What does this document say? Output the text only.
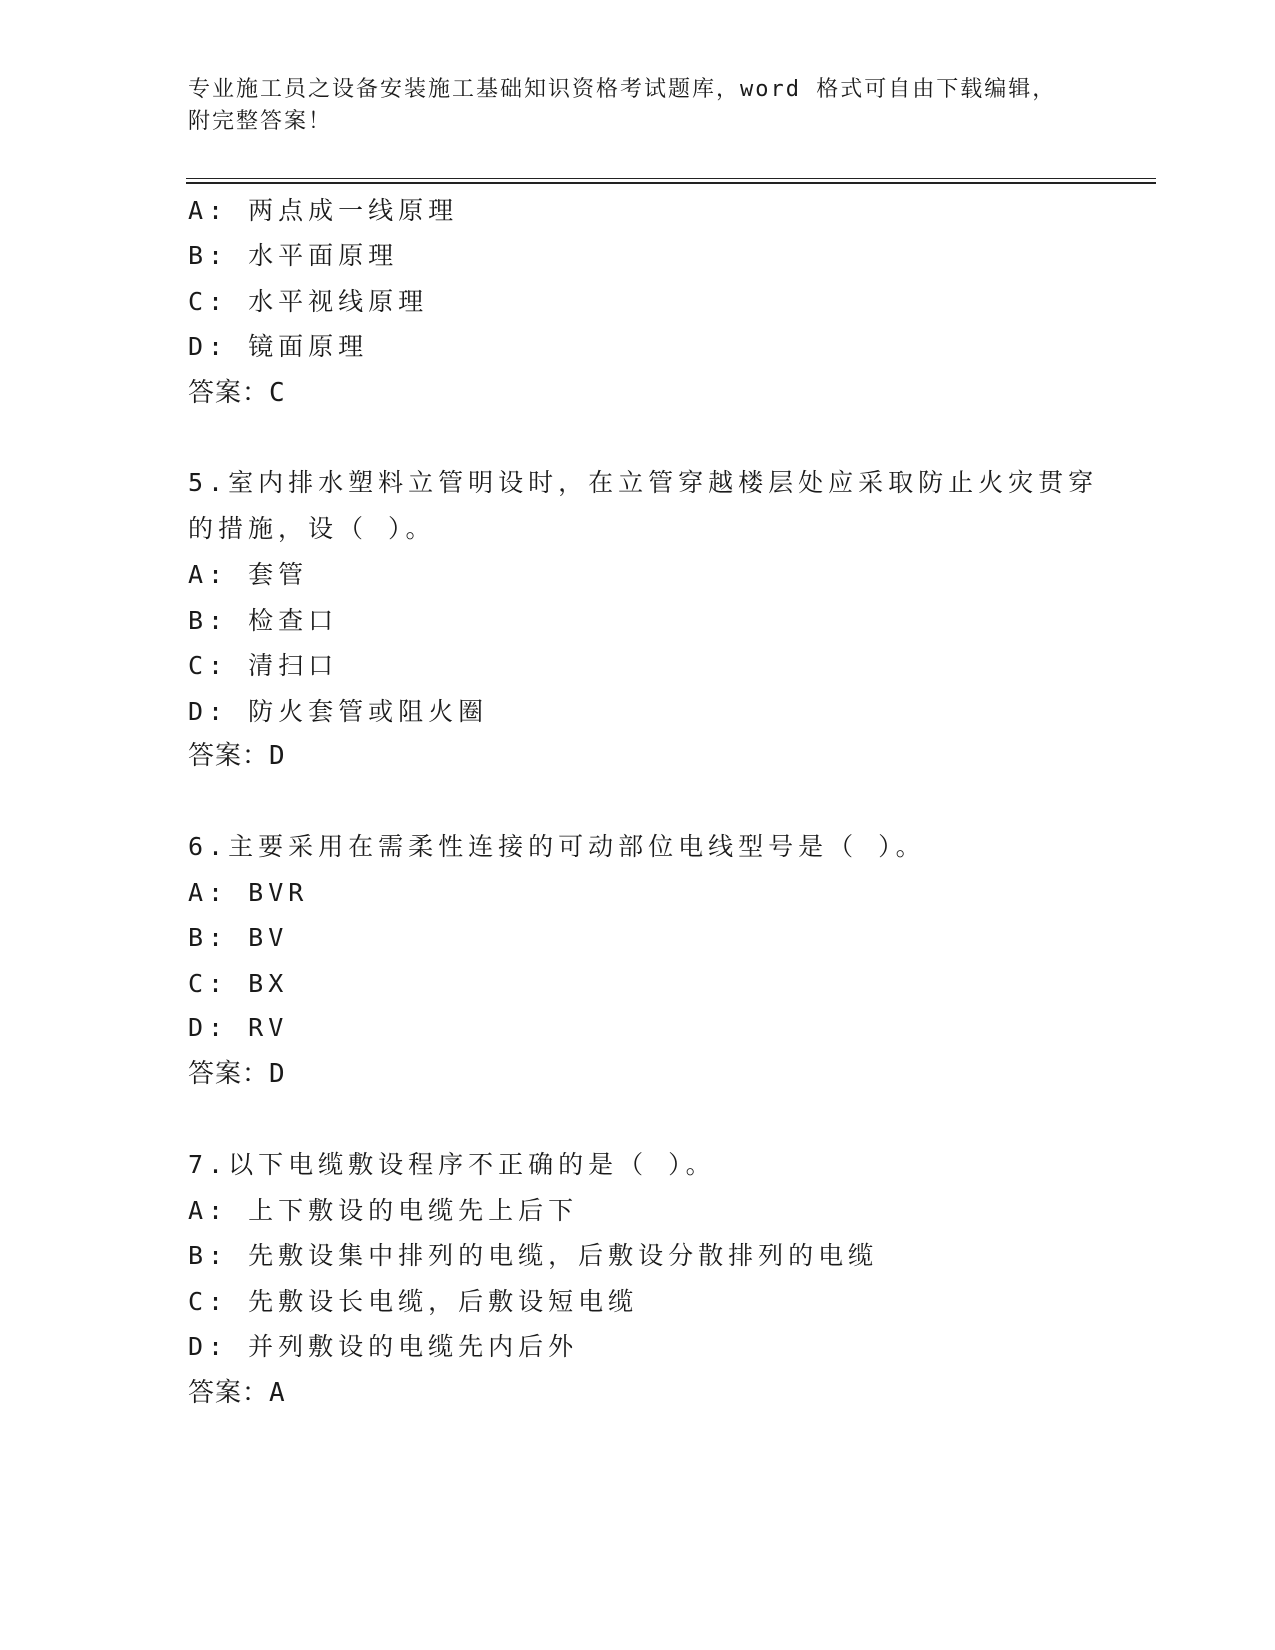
专业施工员之设备安装施工基础知识资格考试题库，word 格式可自由下载编辑，
附完整答案！
A: 两点成一线原理
B: 水平面原理
C: 水平视线原理
D: 镜面原理
答案：C
5.室内排水塑料立管明设时，在立管穿越楼层处应采取防止火灾贯穿
的措施，设（ ）。
A: 套管
B: 检查口
C: 清扫口
D: 防火套管或阻火圈
答案：D
6.主要采用在需柔性连接的可动部位电线型号是（ ）。
A: BVR
B: BV
C: BX
D: RV
答案：D
7.以下电缆敷设程序不正确的是（ ）。
A: 上下敷设的电缆先上后下
B: 先敷设集中排列的电缆，后敷设分散排列的电缆
C: 先敷设长电缆，后敷设短电缆
D: 并列敷设的电缆先内后外
答案：A
